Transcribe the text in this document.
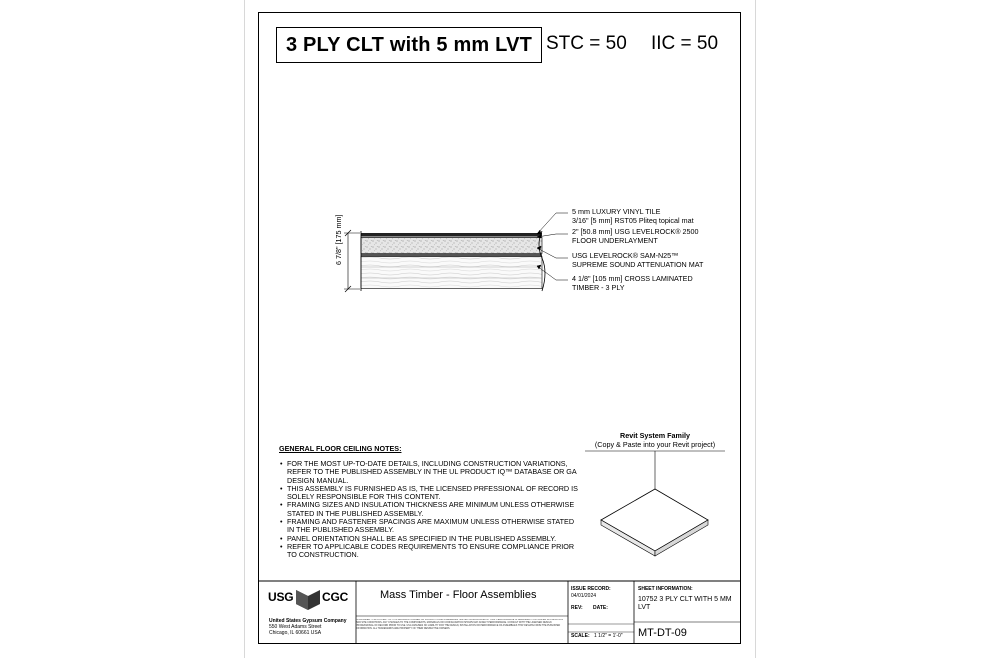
3 PLY CLT with 5 mm LVT STC = 50 IIC = 50
6 7/8" [175 mm]
5 mm LUXURY VINYL TILE
3/16" [5 mm] RST05 Pliteq topical mat
2" [50.8 mm] USG LEVELROCK® 2500
FLOOR UNDERLAYMENT
USG LEVELROCK® SAM-N25™
SUPREME SOUND ATTENUATION MAT
4 1/8" [105 mm] CROSS LAMINATED
TIMBER - 3 PLY
GENERAL FLOOR CEILING NOTES:
• FOR THE MOST UP-TO-DATE DETAILS, INCLUDING CONSTRUCTION VARIATIONS, REFER TO THE PUBLISHED ASSEMBLY IN THE UL PRODUCT IQ™ DATABASE OR GA DESIGN MANUAL.
• THIS ASSEMBLY IS FURNISHED AS IS, THE LICENSED PRFESSIONAL OF RECORD IS SOLELY RESPONSIBLE FOR THIS CONTENT.
• FRAMING SIZES AND INSULATION THICKNESS ARE MINIMUM UNLESS OTHERWISE STATED IN THE PUBLISHED ASSEMBLY.
• FRAMING AND FASTENER SPACINGS ARE MAXIMUM UNLESS OTHERWISE STATED IN THE PUBLISHED ASSEMBLY.
• PANEL ORIENTATION SHALL BE AS SPECIFIED IN THE PUBLISHED ASSEMBLY.
• REFER TO APPLICABLE CODES REQUIREMENTS TO ENSURE COMPLIANCE PRIOR TO CONSTRUCTION.
Revit System Family
(Copy & Paste into your Revit project)
USG CGC
United States Gypsum Company
550 West Adams Street
Chicago, IL 60661 USA
Mass Timber - Floor Assemblies
DISCLAIMER: THE CONTENT OF THIS DRAWING IS BASED ON PRODUCTS AND ASSEMBLIES TESTED OR EVALUATED BY USG. PERFORMANCE IS DEPENDENT ON PROPER INSTALLATION AND SITE CONDITIONS. ANY CHANGES TO THE COMPONENTS, MATERIALS OR CONFIGURATION SHOWN MAY AFFECT PERFORMANCE. CONSULT WITH THE LICENSED DESIGN PROFESSIONAL OF RECORD PRIOR TO USE. USG ASSUMES NO LIABILITY FOR THE DESIGN, INSTALLATION OR PERFORMANCE OF ASSEMBLIES THAT DEVIATE FROM THE PUBLISHED INFORMATION. ALL TRADEMARKS ARE PROPERTY OF THEIR RESPECTIVE OWNERS.
ISSUE RECORD:
04/01/2024
REV: DATE:
SCALE: 1 1/2" = 1'-0"
SHEET INFORMATION:
10752 3 PLY CLT WITH 5 MM LVT
MT-DT-09
